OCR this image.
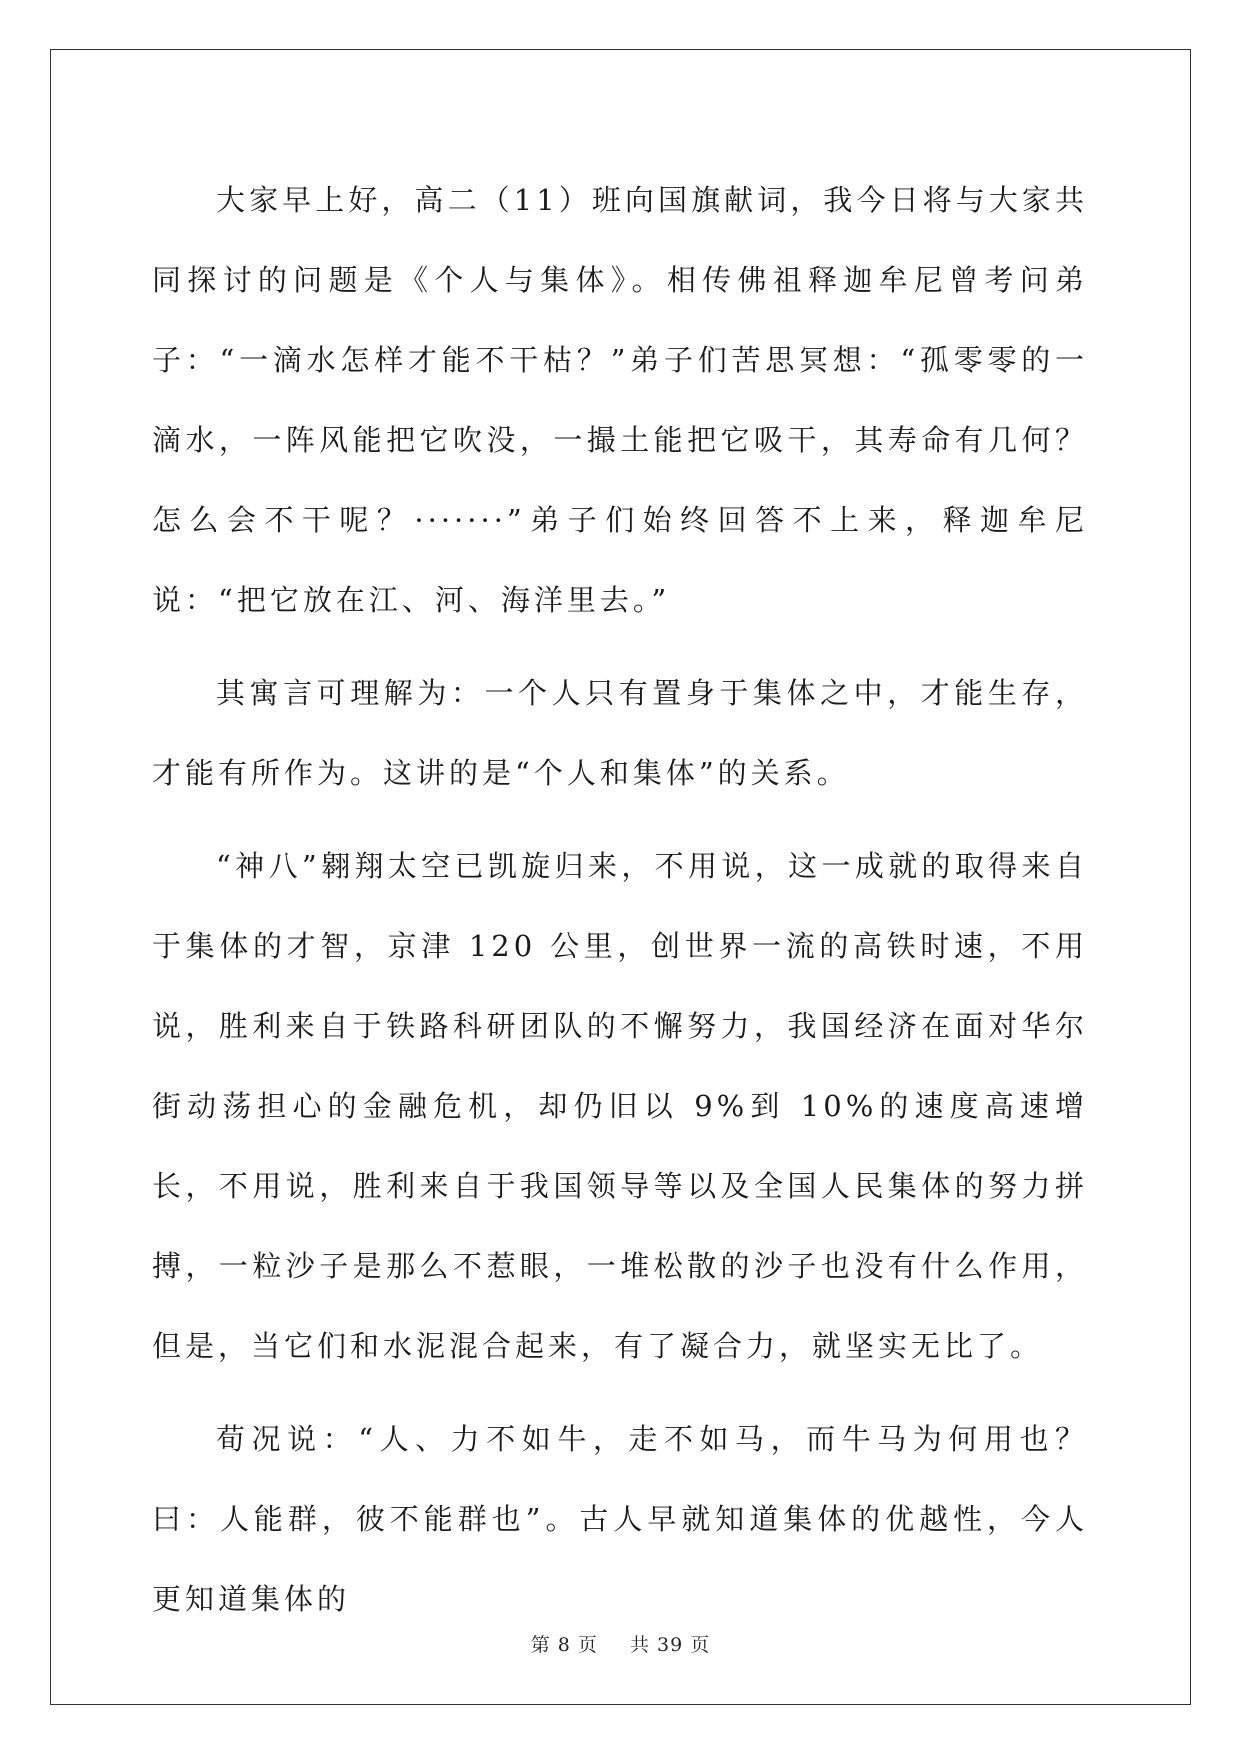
大家早上好，高二（11）班向国旗献词，我今日将与大家共同探讨的问题是《个人与集体》。相传佛祖释迦牟尼曾考问弟子：“一滴水怎样才能不干枯？”弟子们苦思冥想：“孤零零的一滴水，一阵风能把它吹没，一撮土能把它吸干，其寿命有几何？怎么会不干呢？·······”弟子们始终回答不上来，释迦牟尼说：“把它放在江、河、海洋里去。”

其寓言可理解为：一个人只有置身于集体之中，才能生存，才能有所作为。这讲的是“个人和集体”的关系。

“神八”翱翔太空已凯旋归来，不用说，这一成就的取得来自于集体的才智，京津 120 公里，创世界一流的高铁时速，不用说，胜利来自于铁路科研团队的不懈努力，我国经济在面对华尔街动荡担心的金融危机，却仍旧以 9%到 10%的速度高速增长，不用说，胜利来自于我国领导等以及全国人民集体的努力拼搏，一粒沙子是那么不惹眼，一堆松散的沙子也没有什么作用，但是，当它们和水泥混合起来，有了凝合力，就坚实无比了。

荀况说：“人、力不如牛，走不如马，而牛马为何用也？曰：人能群，彼不能群也”。古人早就知道集体的优越性，今人更知道集体的

第 8 页 共 39 页
